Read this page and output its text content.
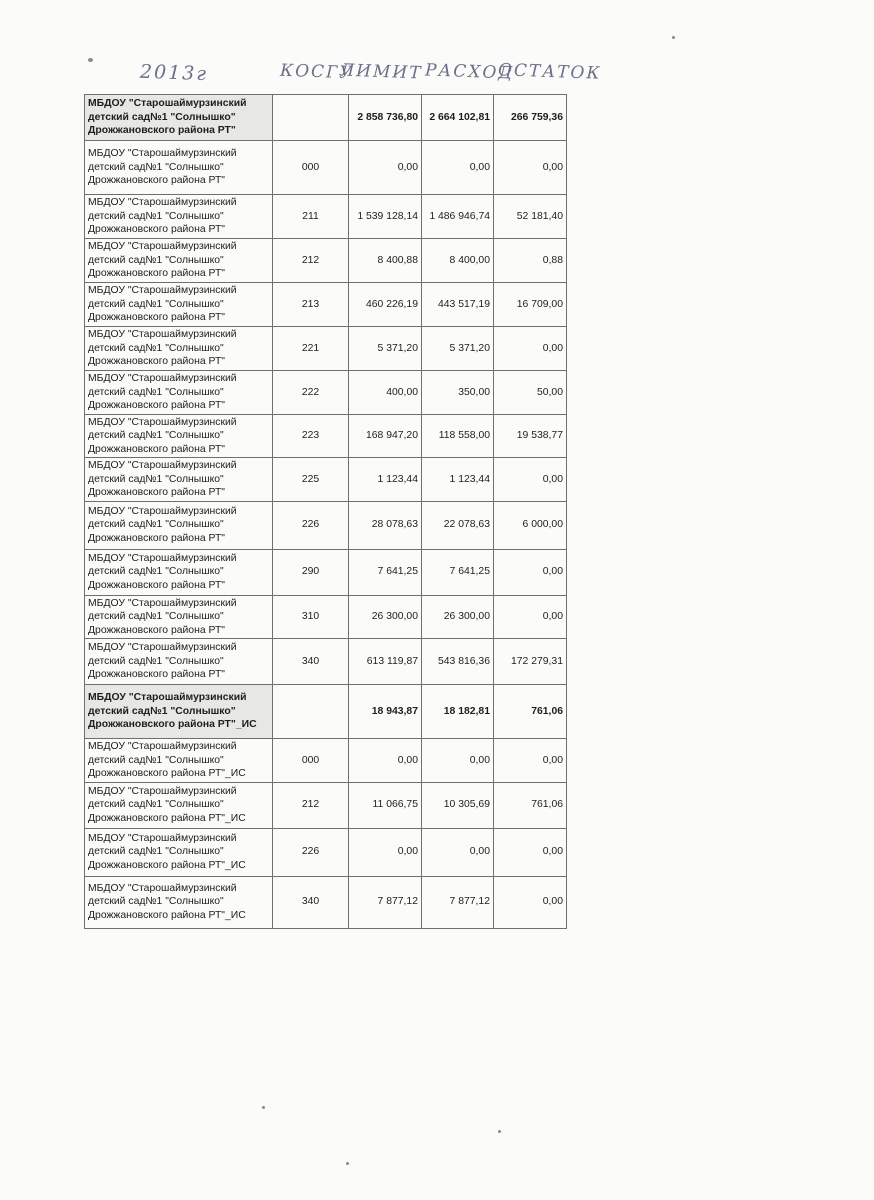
2013г	КОСГУ
ЛИМИТ РАСХОД
ОСТАТОК
МБДОУ "Старошаймурзинский детский сад№1 "Солнышко" Дрожжановского района РТ"		2 858 736,80	2 664 102,81	266 759,36
МБДОУ "Старошаймурзинский детский сад№1 "Солнышко" Дрожжановского района РТ"	000	0,00	0,00	0,00
МБДОУ "Старошаймурзинский детский сад№1 "Солнышко" Дрожжановского района РТ"	211	1 539 128,14	1 486 946,74	52 181,40
МБДОУ "Старошаймурзинский детский сад№1 "Солнышко" Дрожжановского района РТ"	212	8 400,88	8 400,00	0,88
МБДОУ "Старошаймурзинский детский сад№1 "Солнышко" Дрожжановского района РТ"	213	460 226,19	443 517,19	16 709,00
МБДОУ "Старошаймурзинский детский сад№1 "Солнышко" Дрожжановского района РТ"	221	5 371,20	5 371,20	0,00
МБДОУ "Старошаймурзинский детский сад№1 "Солнышко" Дрожжановского района РТ"	222	400,00	350,00	50,00
МБДОУ "Старошаймурзинский детский сад№1 "Солнышко" Дрожжановского района РТ"	223	168 947,20	118 558,00	19 538,77
МБДОУ "Старошаймурзинский детский сад№1 "Солнышко" Дрожжановского района РТ"	225	1 123,44	1 123,44	0,00
МБДОУ "Старошаймурзинский детский сад№1 "Солнышко" Дрожжановского района РТ"	226	28 078,63	22 078,63	6 000,00
МБДОУ "Старошаймурзинский детский сад№1 "Солнышко" Дрожжановского района РТ"	290	7 641,25	7 641,25	0,00
МБДОУ "Старошаймурзинский детский сад№1 "Солнышко" Дрожжановского района РТ"	310	26 300,00	26 300,00	0,00
МБДОУ "Старошаймурзинский детский сад№1 "Солнышко" Дрожжановского района РТ"	340	613 119,87	543 816,36	172 279,31
МБДОУ "Старошаймурзинский детский сад№1 "Солнышко" Дрожжановского района РТ"_ИС		18 943,87	18 182,81	761,06
МБДОУ "Старошаймурзинский детский сад№1 "Солнышко" Дрожжановского района РТ"_ИС	000	0,00	0,00	0,00
МБДОУ "Старошаймурзинский детский сад№1 "Солнышко" Дрожжановского района РТ"_ИС	212	11 066,75	10 305,69	761,06
МБДОУ "Старошаймурзинский детский сад№1 "Солнышко" Дрожжановского района РТ"_ИС	226	0,00	0,00	0,00
МБДОУ "Старошаймурзинский детский сад№1 "Солнышко" Дрожжановского района РТ"_ИС	340	7 877,12	7 877,12	0,00
